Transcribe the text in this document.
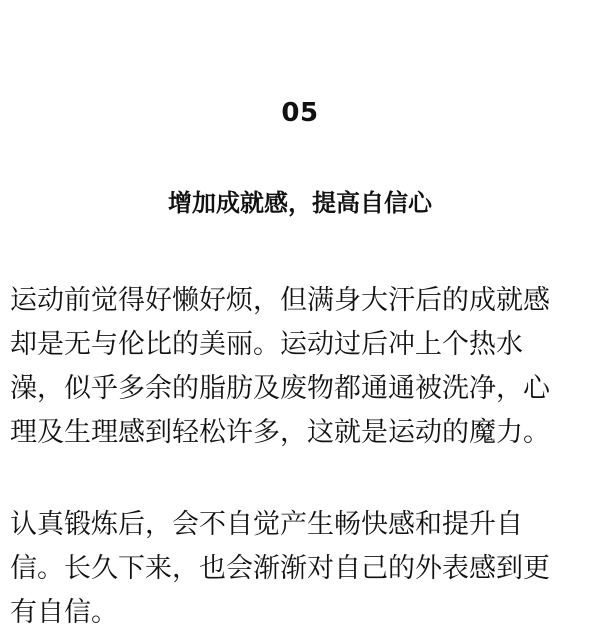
05
增加成就感，提高自信心

运动前觉得好懒好烦，但满身大汗后的成就感
却是无与伦比的美丽。运动过后冲上个热水
澡，似乎多余的脂肪及废物都通通被洗净，心
理及生理感到轻松许多，这就是运动的魔力。

认真锻炼后，会不自觉产生畅快感和提升自
信。长久下来，也会渐渐对自己的外表感到更
有自信。
